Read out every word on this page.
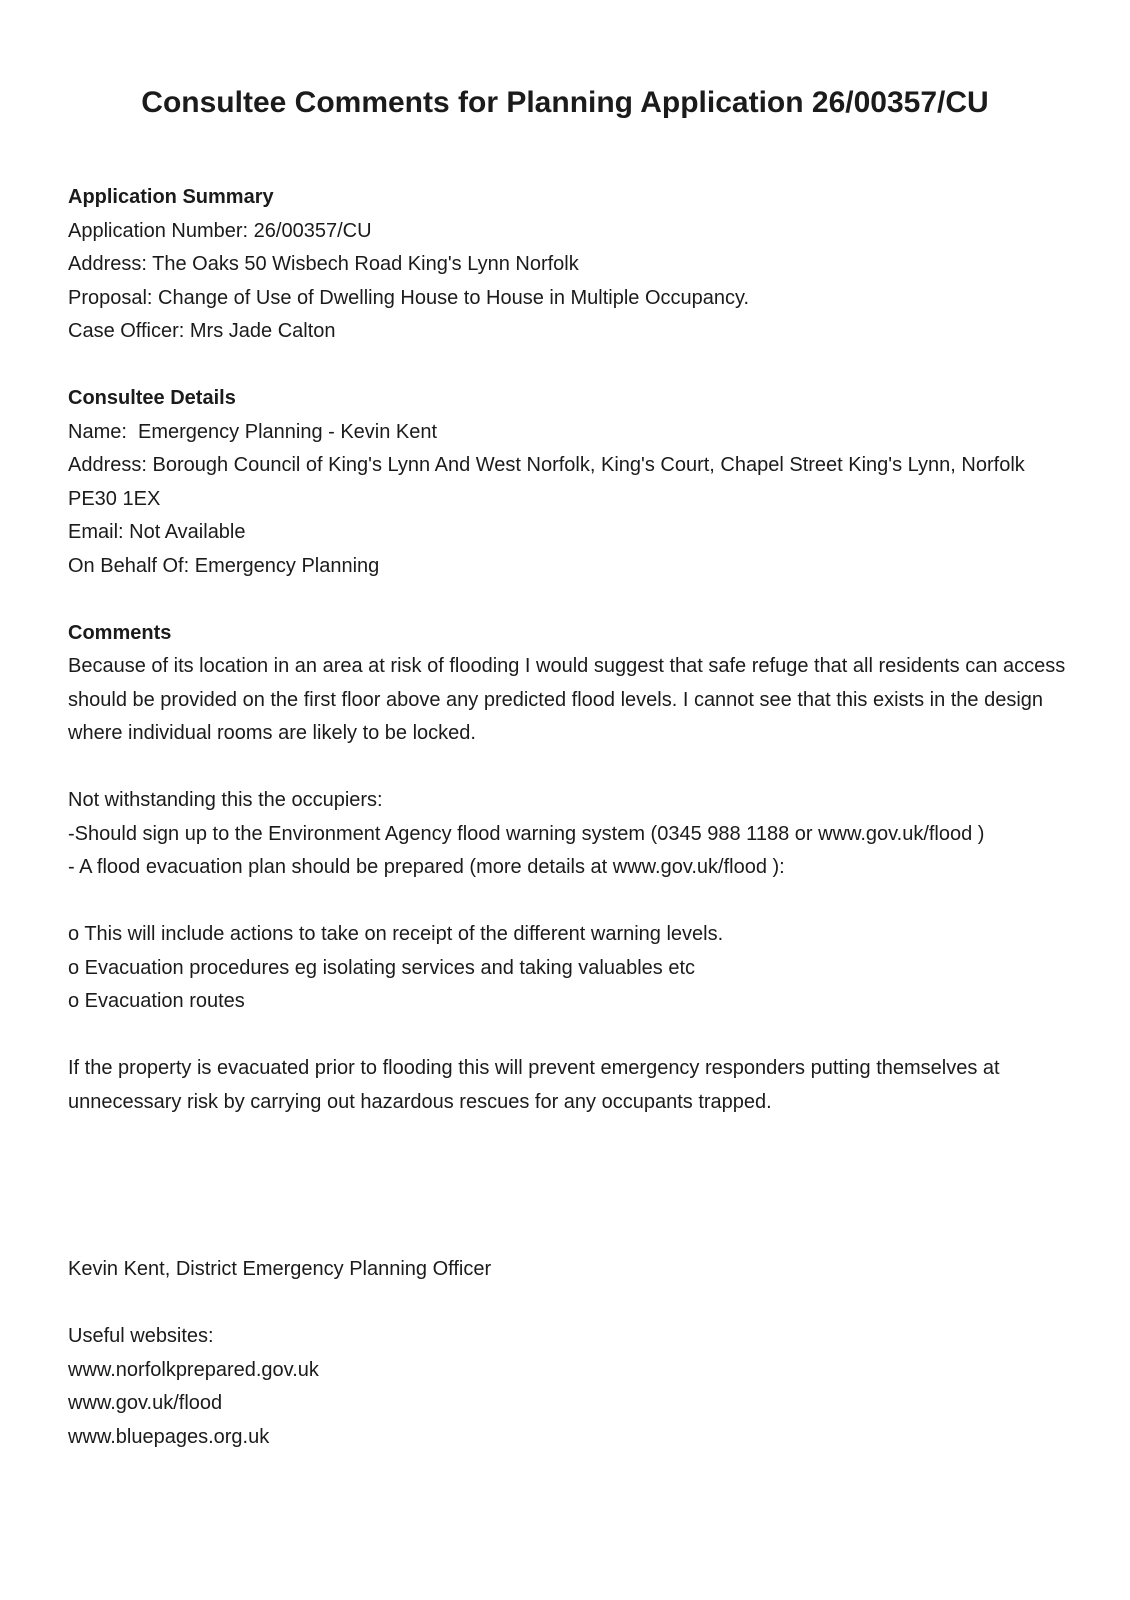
Consultee Comments for Planning Application 26/00357/CU
Application Summary

Application Number: 26/00357/CU

Address: The Oaks 50 Wisbech Road King's Lynn Norfolk

Proposal: Change of Use of Dwelling House to House in Multiple Occupancy.

Case Officer: Mrs Jade Calton

Consultee Details

Name:  Emergency Planning - Kevin Kent

Address: Borough Council of King's Lynn And West Norfolk, King's Court, Chapel Street King's Lynn, Norfolk PE30 1EX

Email: Not Available

On Behalf Of: Emergency Planning

Comments

Because of its location in an area at risk of flooding I would suggest that safe refuge that all residents can access should be provided on the first floor above any predicted flood levels. I cannot see that this exists in the design where individual rooms are likely to be locked.

Not withstanding this the occupiers:

-Should sign up to the Environment Agency flood warning system (0345 988 1188 or www.gov.uk/flood )

- A flood evacuation plan should be prepared (more details at www.gov.uk/flood ):

o This will include actions to take on receipt of the different warning levels.

o Evacuation procedures eg isolating services and taking valuables etc

o Evacuation routes

If the property is evacuated prior to flooding this will prevent emergency responders putting themselves at unnecessary risk by carrying out hazardous rescues for any occupants trapped.

Kevin Kent, District Emergency Planning Officer

Useful websites:

www.norfolkprepared.gov.uk

www.gov.uk/flood

www.bluepages.org.uk
